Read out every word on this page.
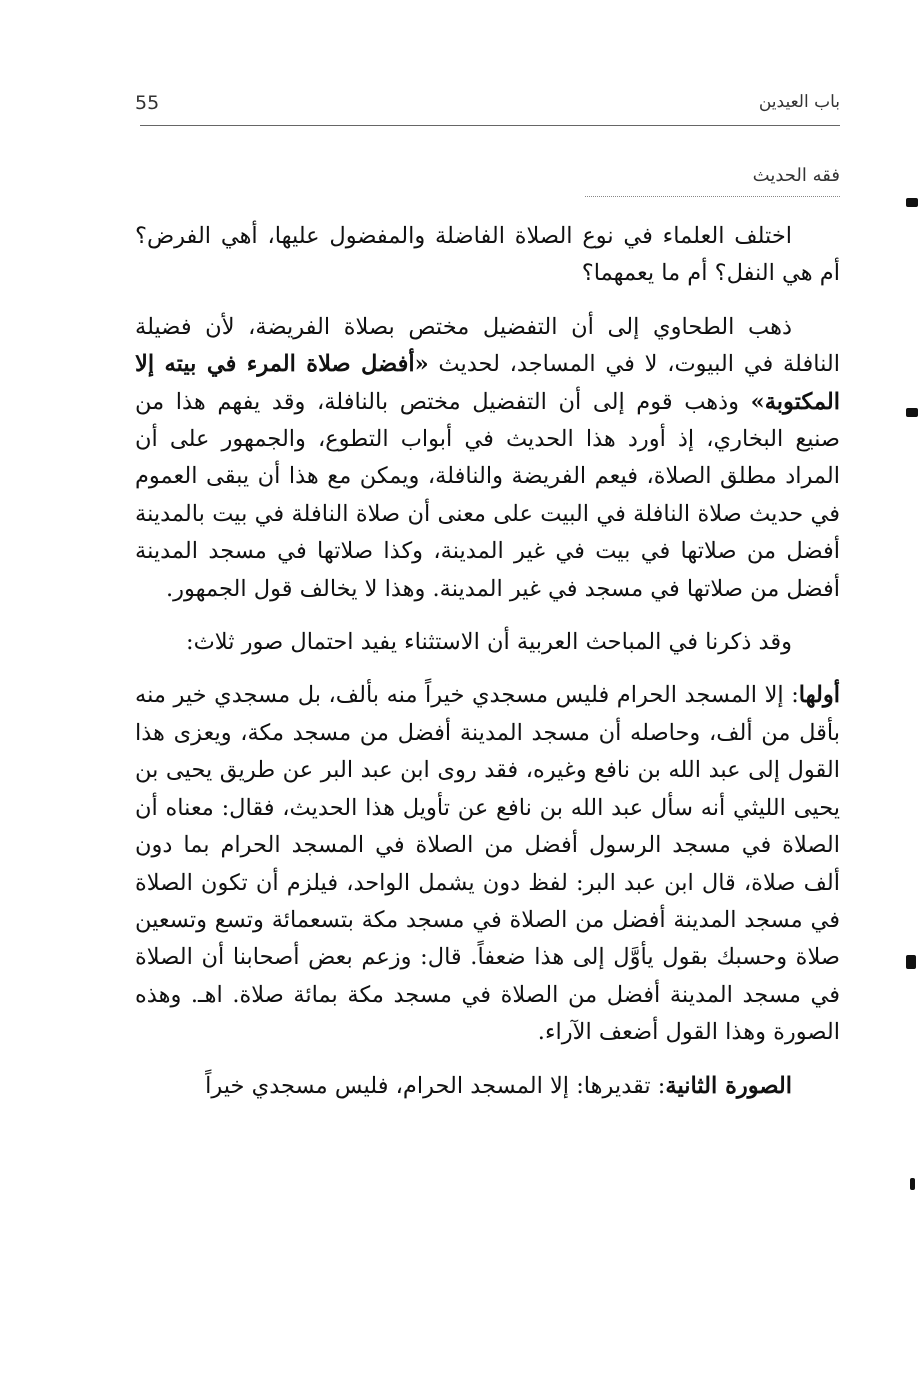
55	باب العيدين
فقه الحديث

اختلف العلماء في نوع الصلاة الفاضلة والمفضول عليها، أهي الفرض؟ أم هي النفل؟ أم ما يعمهما؟

ذهب الطحاوي إلى أن التفضيل مختص بصلاة الفريضة، لأن فضيلة النافلة في البيوت، لا في المساجد، لحديث «أفضل صلاة المرء في بيته إلا المكتوبة» وذهب قوم إلى أن التفضيل مختص بالنافلة، وقد يفهم هذا من صنيع البخاري، إذ أورد هذا الحديث في أبواب التطوع، والجمهور على أن المراد مطلق الصلاة، فيعم الفريضة والنافلة، ويمكن مع هذا أن يبقى العموم في حديث صلاة النافلة في البيت على معنى أن صلاة النافلة في بيت بالمدينة أفضل من صلاتها في بيت في غير المدينة، وكذا صلاتها في مسجد المدينة أفضل من صلاتها في مسجد في غير المدينة. وهذا لا يخالف قول الجمهور.

وقد ذكرنا في المباحث العربية أن الاستثناء يفيد احتمال صور ثلاث:

أولها: إلا المسجد الحرام فليس مسجدي خيراً منه بألف، بل مسجدي خير منه بأقل من ألف، وحاصله أن مسجد المدينة أفضل من مسجد مكة، ويعزى هذا القول إلى عبد الله بن نافع وغيره، فقد روى ابن عبد البر عن طريق يحيى بن يحيى الليثي أنه سأل عبد الله بن نافع عن تأويل هذا الحديث، فقال: معناه أن الصلاة في مسجد الرسول أفضل من الصلاة في المسجد الحرام بما دون ألف صلاة، قال ابن عبد البر: لفظ دون يشمل الواحد، فيلزم أن تكون الصلاة في مسجد المدينة أفضل من الصلاة في مسجد مكة بتسعمائة وتسع وتسعين صلاة وحسبك بقول يأوَّل إلى هذا ضعفاً. قال: وزعم بعض أصحابنا أن الصلاة في مسجد المدينة أفضل من الصلاة في مسجد مكة بمائة صلاة. اهـ. وهذه الصورة وهذا القول أضعف الآراء.

الصورة الثانية: تقديرها: إلا المسجد الحرام، فليس مسجدي خيراً
